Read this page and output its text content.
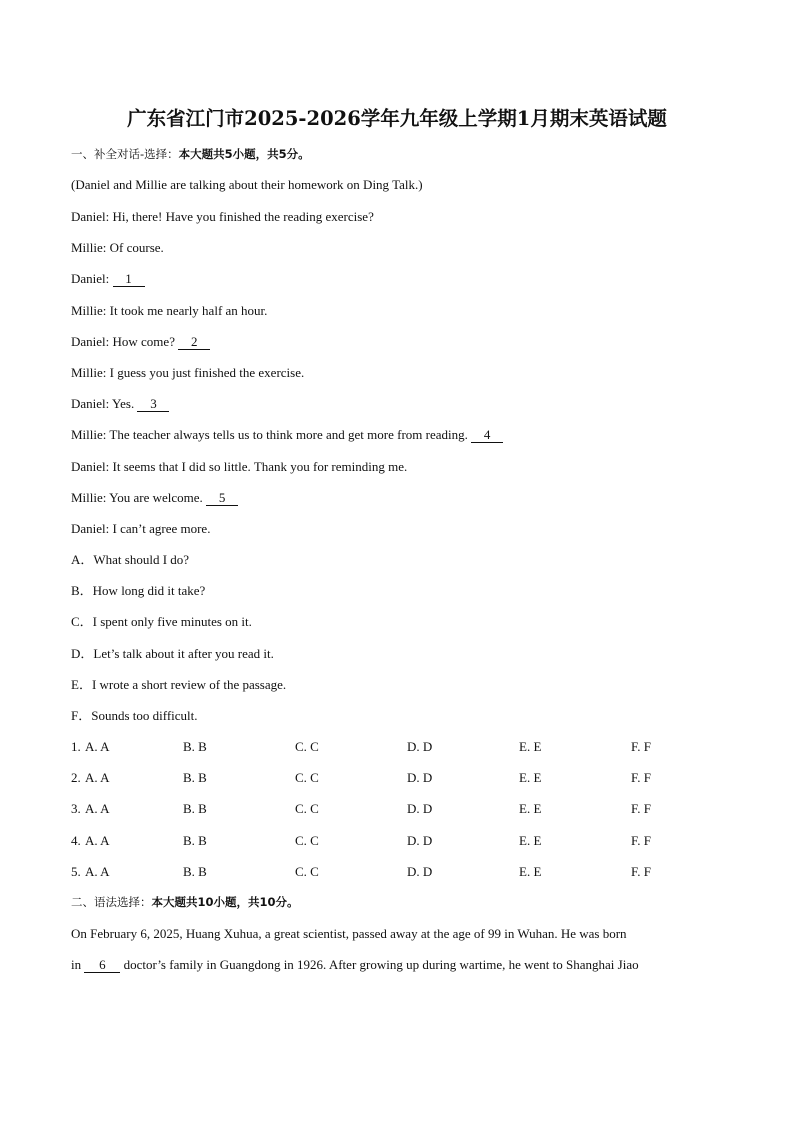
广东省江门市2025-2026学年九年级上学期1月期末英语试题
一、补全对话-选择：本大题共5小题，共5分。
(Daniel and Millie are talking about their homework on Ding Talk.)
Daniel: Hi, there! Have you finished the reading exercise?
Millie: Of course.
Daniel: 1
Millie: It took me nearly half an hour.
Daniel: How come? 2
Millie: I guess you just finished the exercise.
Daniel: Yes. 3
Millie: The teacher always tells us to think more and get more from reading. 4
Daniel: It seems that I did so little. Thank you for reminding me.
Millie: You are welcome. 5
Daniel: I can’t agree more.
A．What should I do?
B．How long did it take?
C．I spent only five minutes on it.
D．Let’s talk about it after you read it.
E．I wrote a short review of the passage.
F．Sounds too difficult.
1. A. A	B. B	C. C	D. D	E. E	F. F
2. A. A	B. B	C. C	D. D	E. E	F. F
3. A. A	B. B	C. C	D. D	E. E	F. F
4. A. A	B. B	C. C	D. D	E. E	F. F
5. A. A	B. B	C. C	D. D	E. E	F. F
二、语法选择：本大题共10小题，共10分。
On February 6, 2025, Huang Xuhua, a great scientist, passed away at the age of 99 in Wuhan. He was born
in 6 doctor’s family in Guangdong in 1926. After growing up during wartime, he went to Shanghai Jiao
